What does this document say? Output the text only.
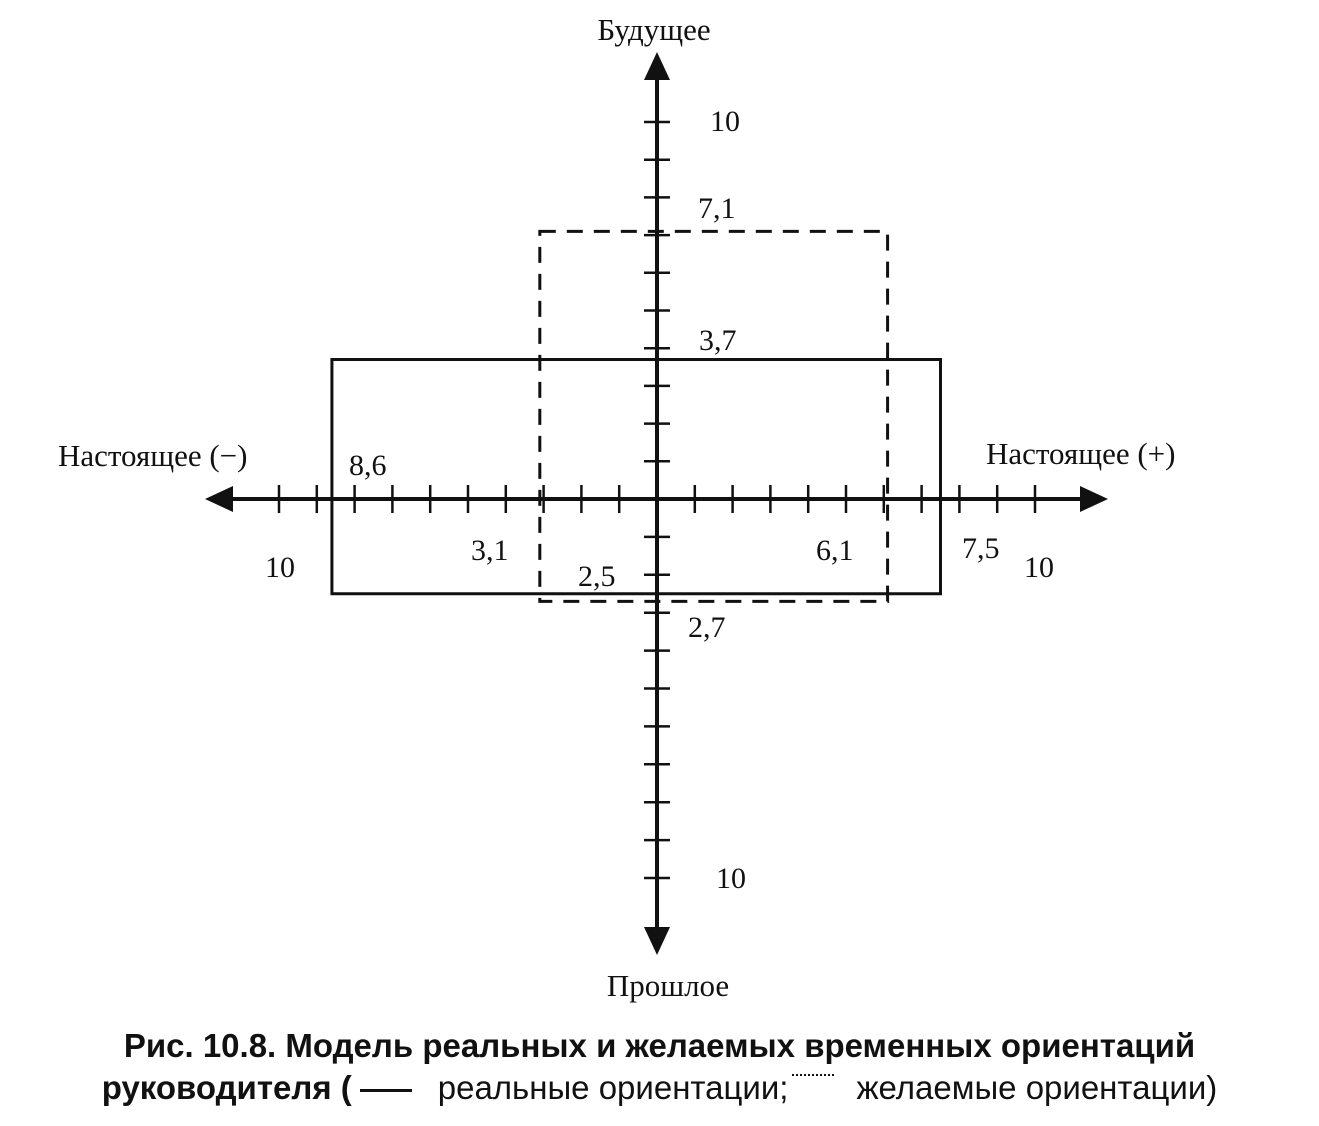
Будущее
Прошлое
Настоящее (−)	Настоящее (+)
10
10
10	10
3,7
2,5
8,6
7,5
7,1
2,7
3,1	6,1
Рис. 10.8. Модель реальных и желаемых временных ориентаций
руководителя (	реальные ориентации; желаемые ориентации)
